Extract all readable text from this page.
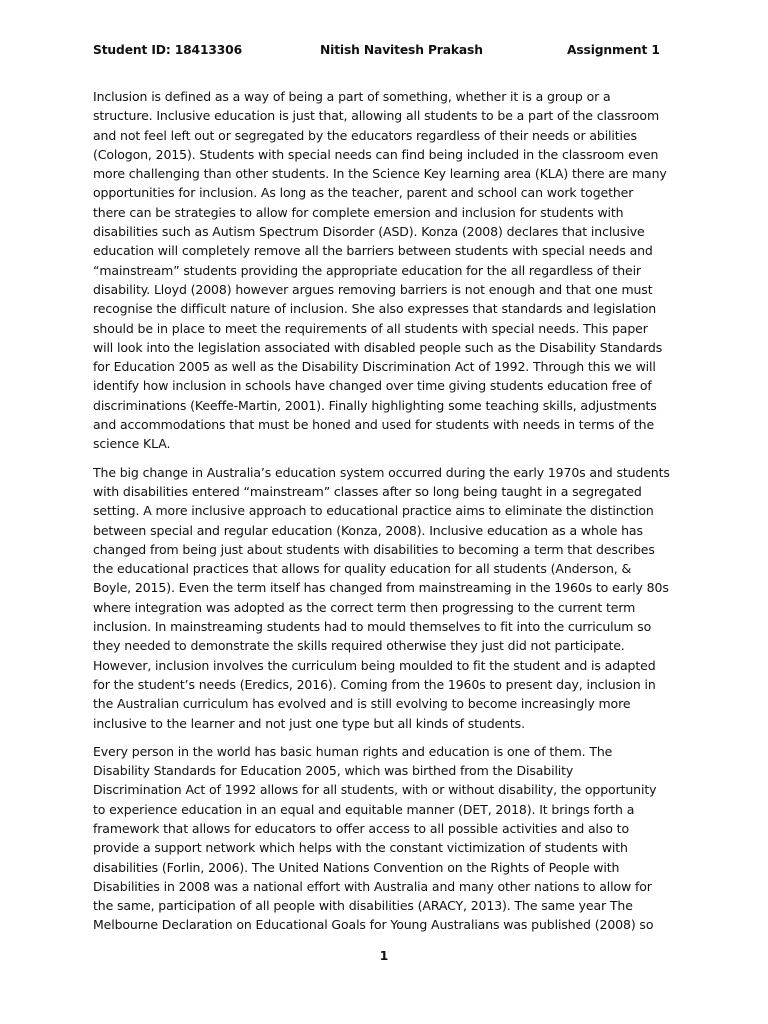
Student ID: 18413306	Nitish Navitesh Prakash	Assignment 1
Inclusion is defined as a way of being a part of something, whether it is a group or a
structure. Inclusive education is just that, allowing all students to be a part of the classroom
and not feel left out or segregated by the educators regardless of their needs or abilities
(Cologon, 2015). Students with special needs can find being included in the classroom even
more challenging than other students. In the Science Key learning area (KLA) there are many
opportunities for inclusion. As long as the teacher, parent and school can work together
there can be strategies to allow for complete emersion and inclusion for students with
disabilities such as Autism Spectrum Disorder (ASD). Konza (2008) declares that inclusive
education will completely remove all the barriers between students with special needs and
“mainstream” students providing the appropriate education for the all regardless of their
disability. Lloyd (2008) however argues removing barriers is not enough and that one must
recognise the difficult nature of inclusion. She also expresses that standards and legislation
should be in place to meet the requirements of all students with special needs. This paper
will look into the legislation associated with disabled people such as the Disability Standards
for Education 2005 as well as the Disability Discrimination Act of 1992. Through this we will
identify how inclusion in schools have changed over time giving students education free of
discriminations (Keeffe-Martin, 2001). Finally highlighting some teaching skills, adjustments
and accommodations that must be honed and used for students with needs in terms of the
science KLA.
The big change in Australia’s education system occurred during the early 1970s and students
with disabilities entered “mainstream” classes after so long being taught in a segregated
setting. A more inclusive approach to educational practice aims to eliminate the distinction
between special and regular education (Konza, 2008). Inclusive education as a whole has
changed from being just about students with disabilities to becoming a term that describes
the educational practices that allows for quality education for all students (Anderson, &
Boyle, 2015). Even the term itself has changed from mainstreaming in the 1960s to early 80s
where integration was adopted as the correct term then progressing to the current term
inclusion. In mainstreaming students had to mould themselves to fit into the curriculum so
they needed to demonstrate the skills required otherwise they just did not participate.
However, inclusion involves the curriculum being moulded to fit the student and is adapted
for the student’s needs (Eredics, 2016). Coming from the 1960s to present day, inclusion in
the Australian curriculum has evolved and is still evolving to become increasingly more
inclusive to the learner and not just one type but all kinds of students.
Every person in the world has basic human rights and education is one of them. The
Disability Standards for Education 2005, which was birthed from the Disability
Discrimination Act of 1992 allows for all students, with or without disability, the opportunity
to experience education in an equal and equitable manner (DET, 2018). It brings forth a
framework that allows for educators to offer access to all possible activities and also to
provide a support network which helps with the constant victimization of students with
disabilities (Forlin, 2006). The United Nations Convention on the Rights of People with
Disabilities in 2008 was a national effort with Australia and many other nations to allow for
the same, participation of all people with disabilities (ARACY, 2013). The same year The
Melbourne Declaration on Educational Goals for Young Australians was published (2008) so
1
